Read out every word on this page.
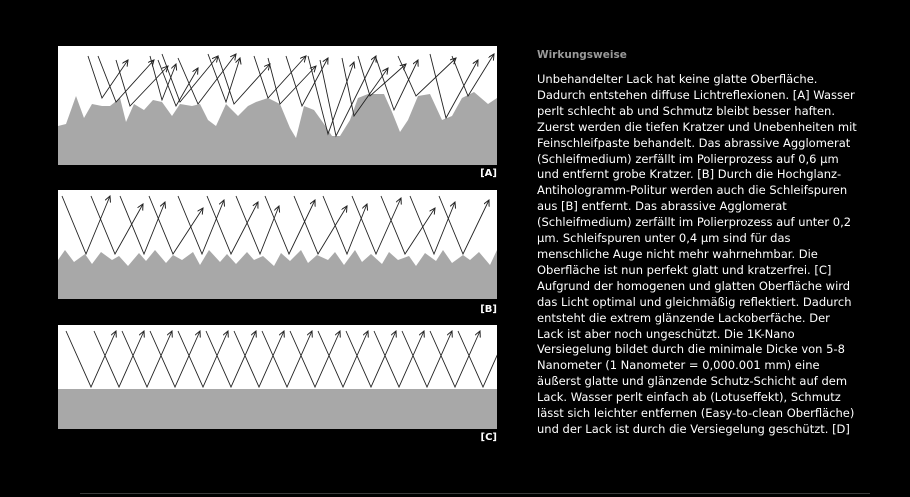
[A]
[B]
[C]
Wirkungsweise
Unbehandelter Lack hat keine glatte Oberfläche. Dadurch entstehen diffuse Lichtreflexionen. [A] Wasser perlt schlecht ab und Schmutz bleibt besser haften. Zuerst werden die tiefen Kratzer und Unebenheiten mit Feinschleifpaste behandelt. Das abrassive Agglomerat (Schleifmedium) zerfällt im Polierprozess auf 0,6 µm und entfernt grobe Kratzer. [B] Durch die Hochglanz-Antihologramm-Politur werden auch die Schleifspuren aus [B] entfernt. Das abrassive Agglomerat (Schleifmedium) zerfällt im Polierprozess auf unter 0,2 µm. Schleifspuren unter 0,4 µm sind für das menschliche Auge nicht mehr wahrnehmbar. Die Oberfläche ist nun perfekt glatt und kratzerfrei. [C] Aufgrund der homogenen und glatten Oberfläche wird das Licht optimal und gleichmäßig reflektiert. Dadurch entsteht die extrem glänzende Lackoberfäche. Der Lack ist aber noch ungeschützt. Die 1K-Nano Versiegelung bildet durch die minimale Dicke von 5-8 Nanometer (1 Nanometer = 0,000.001 mm) eine äußerst glatte und glänzende Schutz-Schicht auf dem Lack. Wasser perlt einfach ab (Lotuseffekt), Schmutz lässt sich leichter entfernen (Easy-to-clean Oberfläche) und der Lack ist durch die Versiegelung geschützt. [D]
